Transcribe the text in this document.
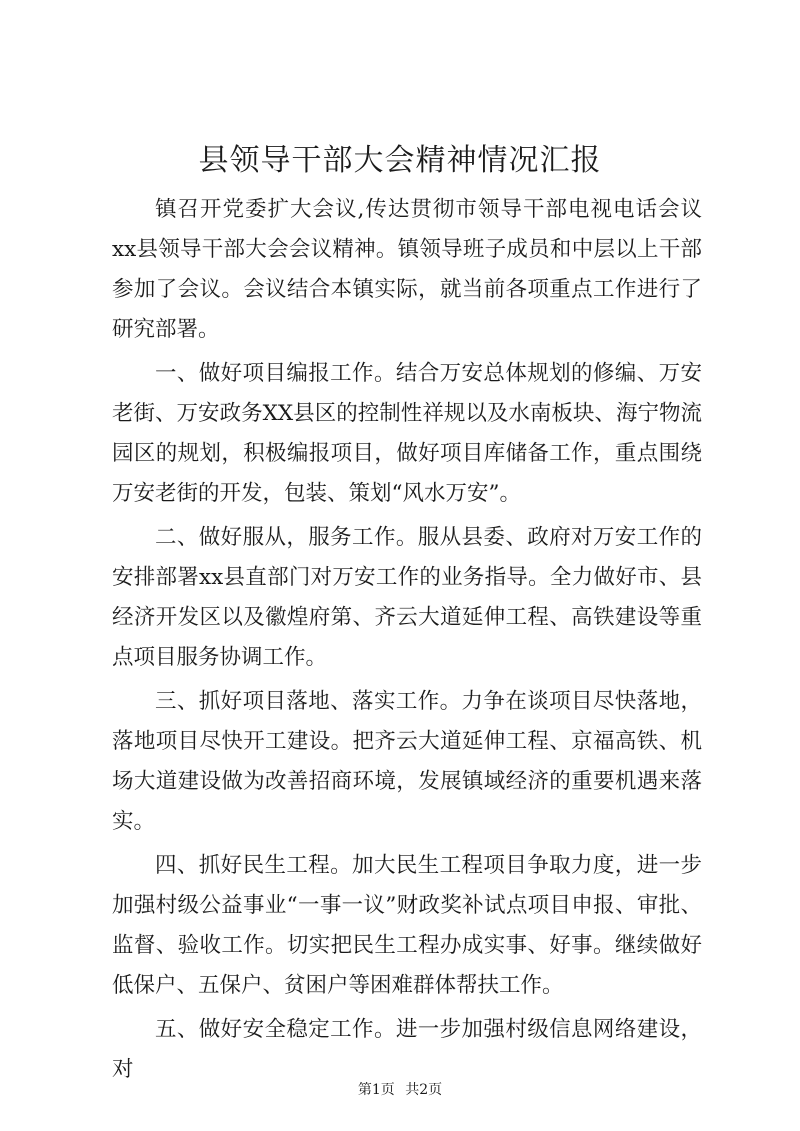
县领导干部大会精神情况汇报

镇召开党委扩大会议,传达贯彻市领导干部电视电话会议xx县领导干部大会会议精神。镇领导班子成员和中层以上干部参加了会议。会议结合本镇实际，就当前各项重点工作进行了研究部署。

一、做好项目编报工作。结合万安总体规划的修编、万安老街、万安政务XX县区的控制性祥规以及水南板块、海宁物流园区的规划，积极编报项目，做好项目库储备工作，重点围绕万安老街的开发，包装、策划“风水万安”。

二、做好服从，服务工作。服从县委、政府对万安工作的安排部署xx县直部门对万安工作的业务指导。全力做好市、县经济开发区以及徽煌府第、齐云大道延伸工程、高铁建设等重点项目服务协调工作。

三、抓好项目落地、落实工作。力争在谈项目尽快落地，落地项目尽快开工建设。把齐云大道延伸工程、京福高铁、机场大道建设做为改善招商环境，发展镇域经济的重要机遇来落实。

四、抓好民生工程。加大民生工程项目争取力度，进一步加强村级公益事业“一事一议”财政奖补试点项目申报、审批、监督、验收工作。切实把民生工程办成实事、好事。继续做好低保户、五保户、贫困户等困难群体帮扶工作。

五、做好安全稳定工作。进一步加强村级信息网络建设，对

第1页 共2页
